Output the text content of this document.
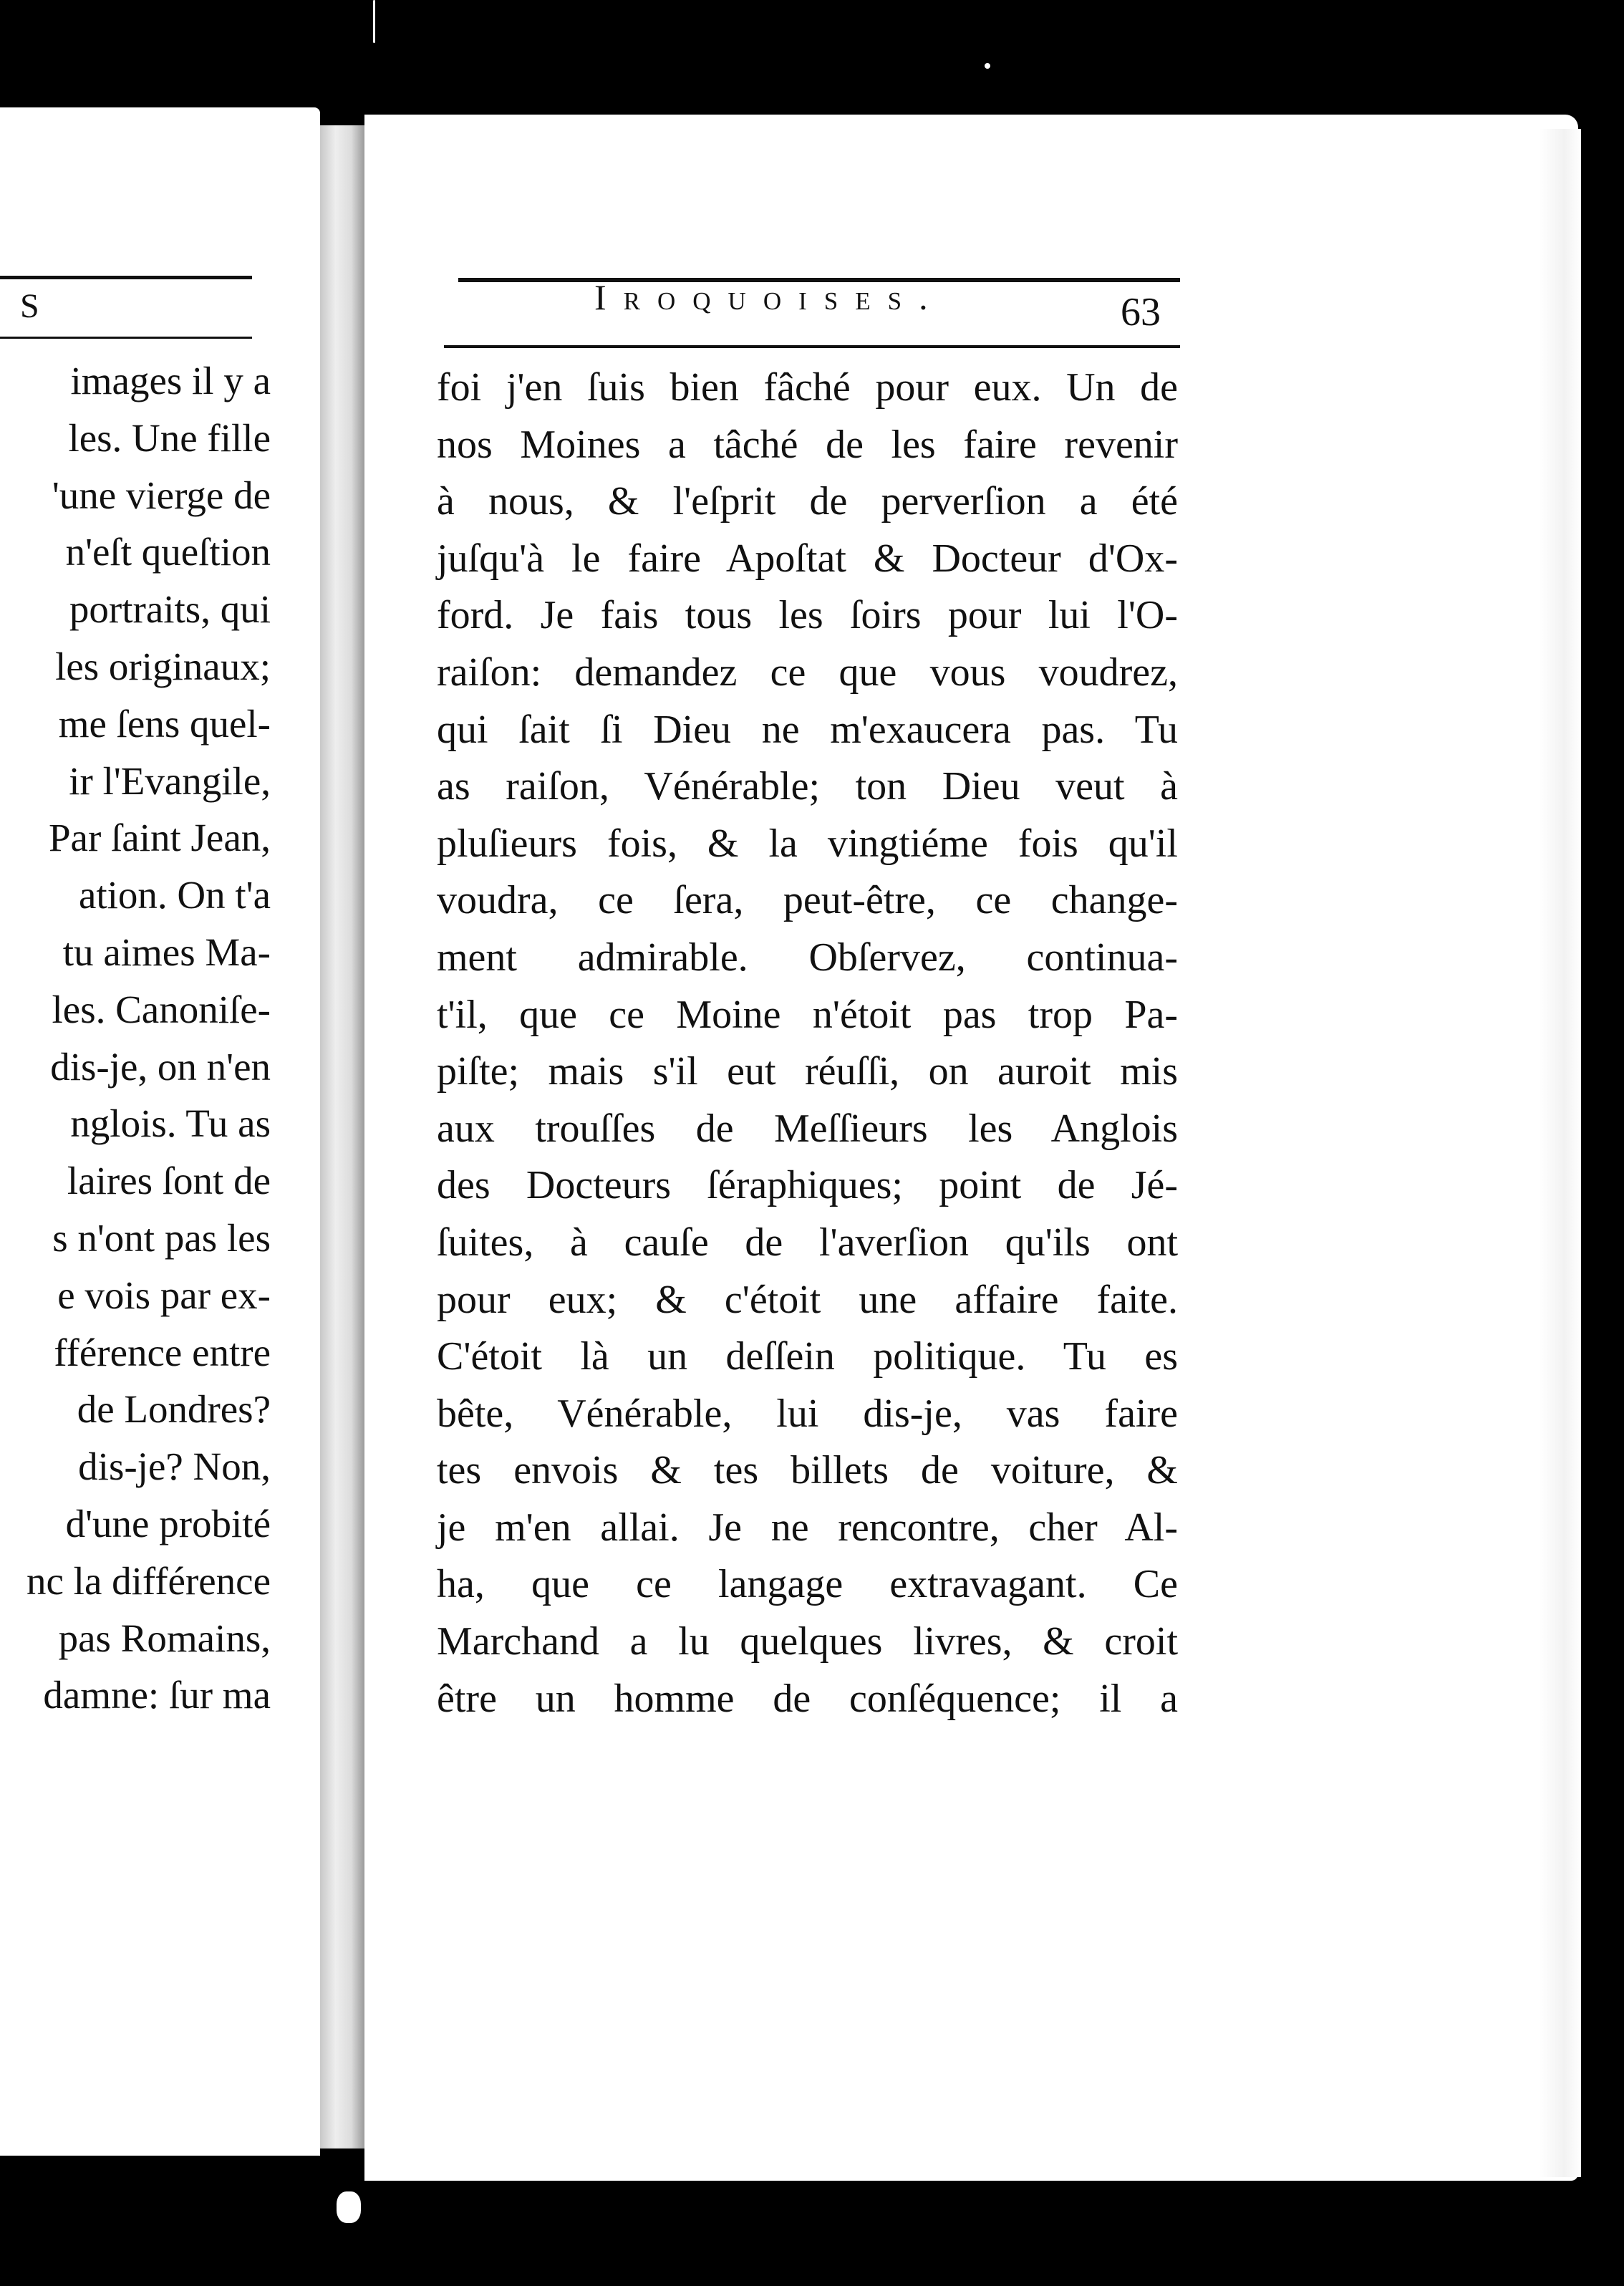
S
images il y a
les. Une fille
'une vierge de
n'eſt queſtion
portraits, qui
les originaux;
me ſens quel-
ir l'Evangile,
Par ſaint Jean,
ation. On t'a
tu aimes Ma-
les. Canoniſe-
dis-je, on n'en
nglois. Tu as
laires ſont de
s n'ont pas les
e vois par ex-
fférence entre
de Londres?
dis-je? Non,
d'une probité
nc la différence
pas Romains,
damne: ſur ma
Iroquoises.	63
foi j'en ſuis bien fâché pour eux. Un de
nos Moines a tâché de les faire revenir
à nous, & l'eſprit de perverſion a été
juſqu'à le faire Apoſtat & Docteur d'Ox-
ford. Je fais tous les ſoirs pour lui l'O-
raiſon: demandez ce que vous voudrez,
qui ſait ſi Dieu ne m'exaucera pas. Tu
as raiſon, Vénérable; ton Dieu veut à
pluſieurs fois, & la vingtiéme fois qu'il
voudra, ce ſera, peut-être, ce change-
ment admirable. Obſervez, continua-
t'il, que ce Moine n'étoit pas trop Pa-
piſte; mais s'il eut réuſſi, on auroit mis
aux trouſſes de Meſſieurs les Anglois
des Docteurs ſéraphiques; point de Jé-
ſuites, à cauſe de l'averſion qu'ils ont
pour eux; & c'étoit une affaire faite.
C'étoit là un deſſein politique. Tu es
bête, Vénérable, lui dis-je, vas faire
tes envois & tes billets de voiture, &
je m'en allai. Je ne rencontre, cher Al-
ha, que ce langage extravagant. Ce
Marchand a lu quelques livres, & croit
être un homme de conſéquence; il a
